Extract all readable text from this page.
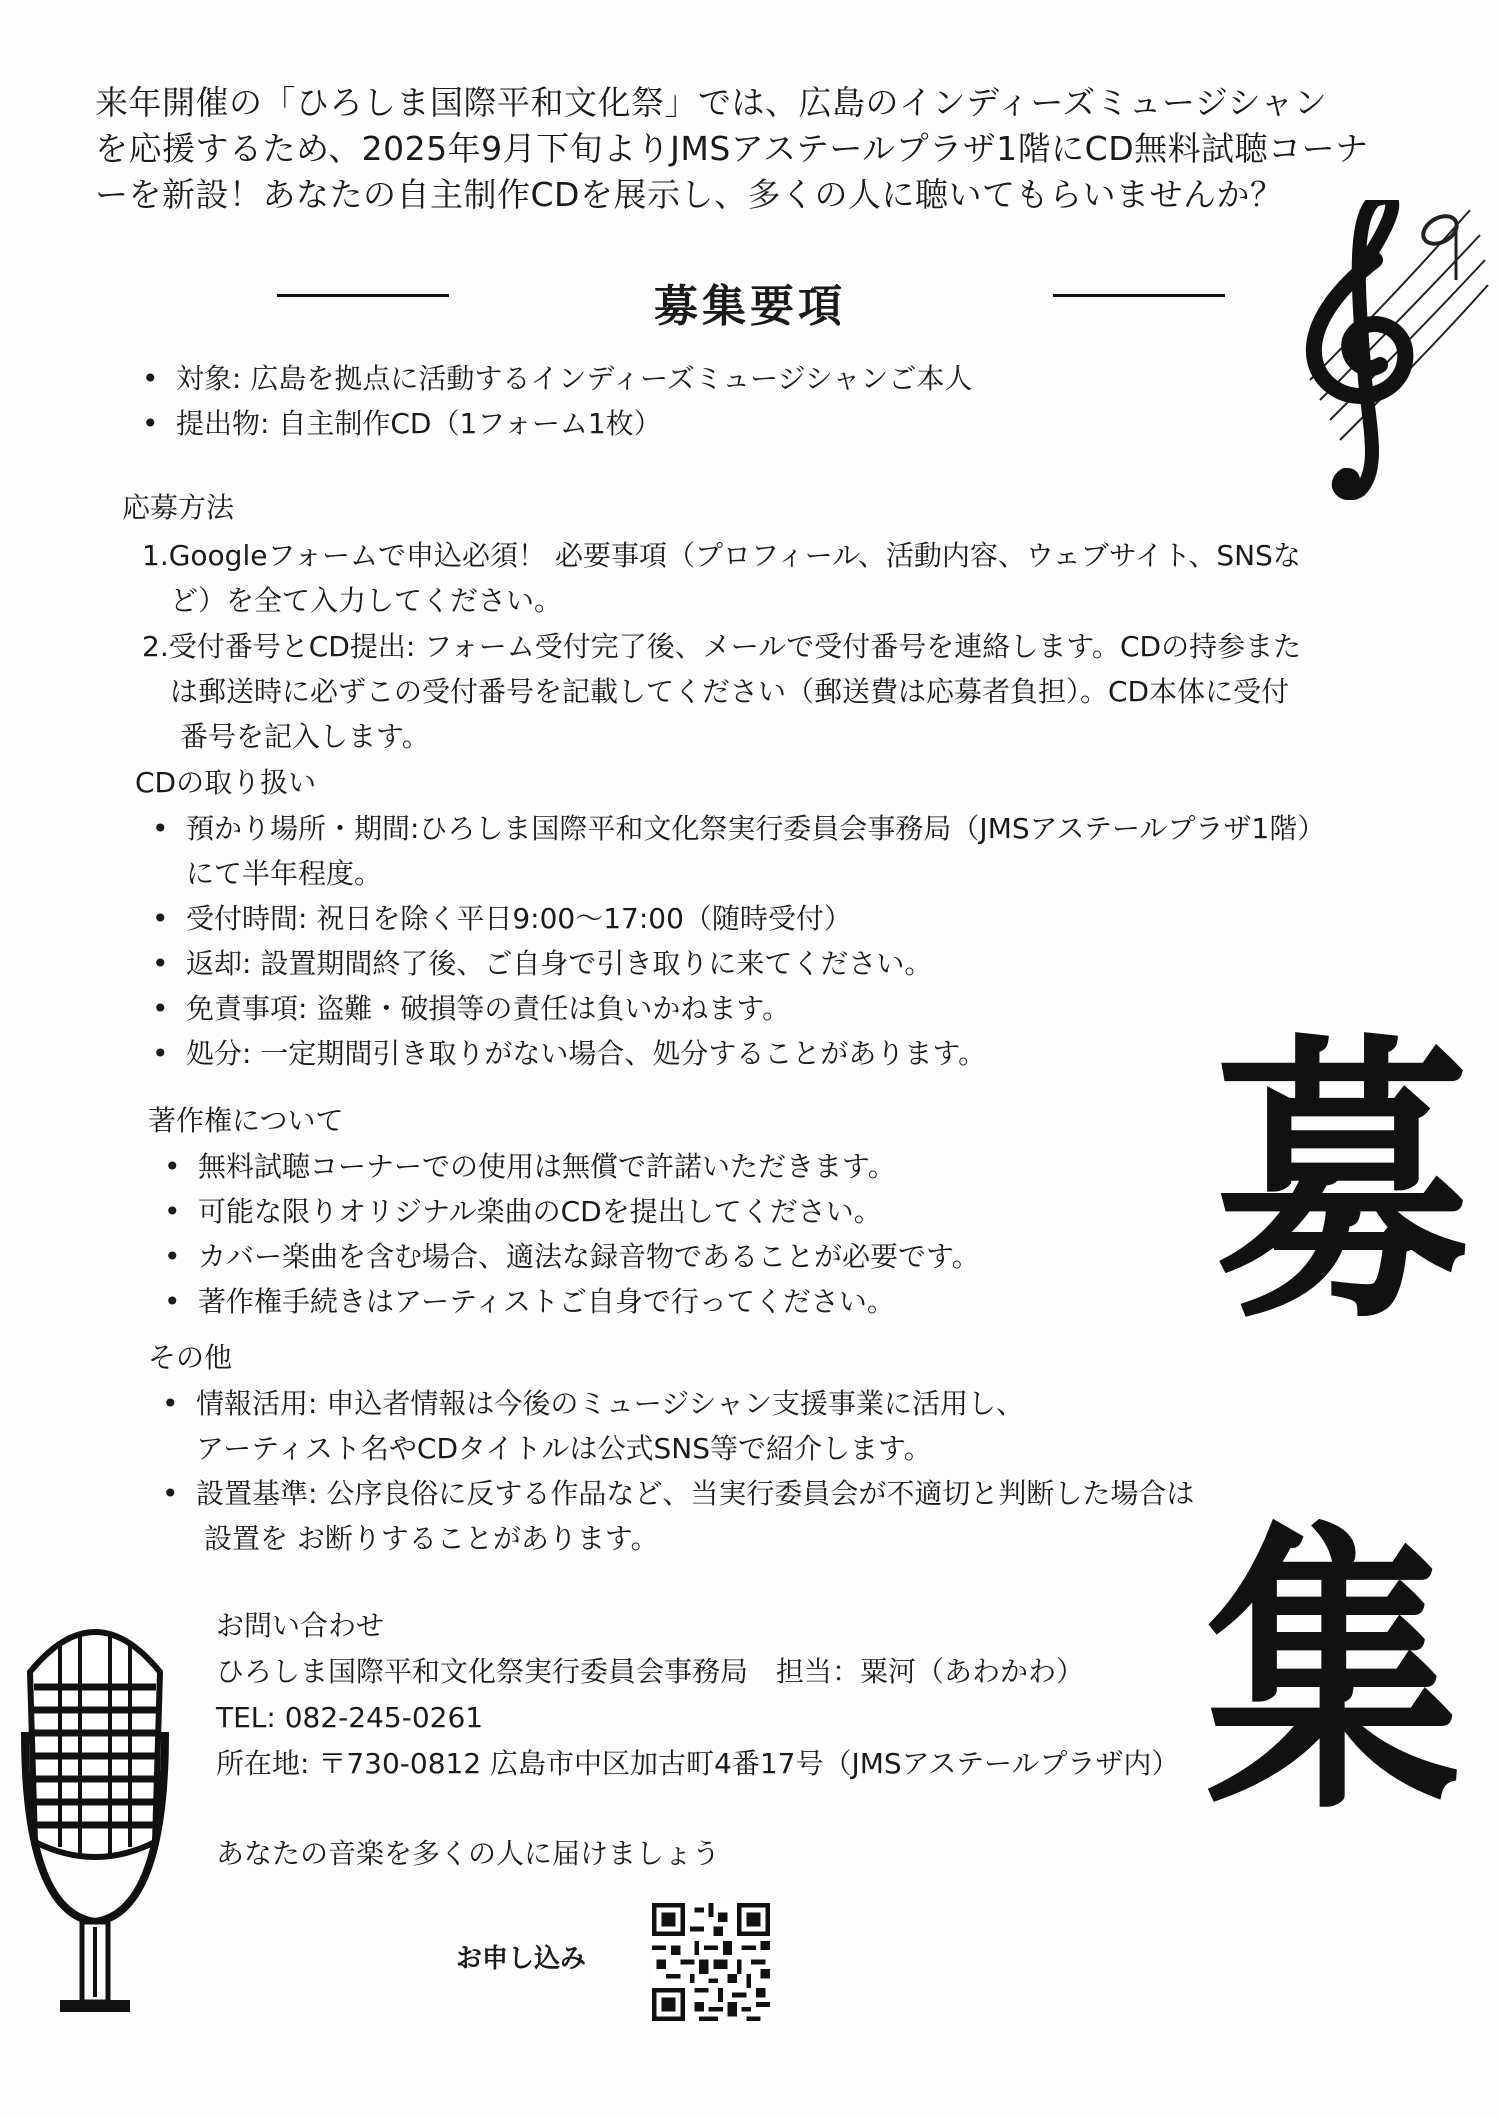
来年開催の「ひろしま国際平和文化祭」では、広島のインディーズミュージシャン
を応援するため、2025年9月下旬よりJMSアステールプラザ1階にCD無料試聴コーナ
ーを新設！あなたの自主制作CDを展示し、多くの人に聴いてもらいませんか？
募集要項
• 対象: 広島を拠点に活動するインディーズミュージシャンご本人
• 提出物: 自主制作CD（1フォーム1枚）
応募方法
1.Googleフォームで申込必須！ 必要事項（プロフィール、活動内容、ウェブサイト、SNSな
ど）を全て入力してください。
2.受付番号とCD提出: フォーム受付完了後、メールで受付番号を連絡します。CDの持参また
は郵送時に必ずこの受付番号を記載してください（郵送費は応募者負担）。CD本体に受付
番号を記入します。
CDの取り扱い
• 預かり場所・期間:ひろしま国際平和文化祭実行委員会事務局（JMSアステールプラザ1階）
にて半年程度。
• 受付時間: 祝日を除く平日9:00～17:00（随時受付）
• 返却: 設置期間終了後、ご自身で引き取りに来てください。
• 免責事項: 盗難・破損等の責任は負いかねます。
• 処分: 一定期間引き取りがない場合、処分することがあります。
著作権について
• 無料試聴コーナーでの使用は無償で許諾いただきます。
• 可能な限りオリジナル楽曲のCDを提出してください。
• カバー楽曲を含む場合、適法な録音物であることが必要です。
• 著作権手続きはアーティストご自身で行ってください。
その他
• 情報活用: 申込者情報は今後のミュージシャン支援事業に活用し、
アーティスト名やCDタイトルは公式SNS等で紹介します。
• 設置基準: 公序良俗に反する作品など、当実行委員会が不適切と判断した場合は
設置を お断りすることがあります。
お問い合わせ
ひろしま国際平和文化祭実行委員会事務局　担当：粟河（あわかわ）
TEL: 082-245-0261
所在地: 〒730-0812 広島市中区加古町4番17号（JMSアステールプラザ内）
あなたの音楽を多くの人に届けましょう
募
集
お申し込み
